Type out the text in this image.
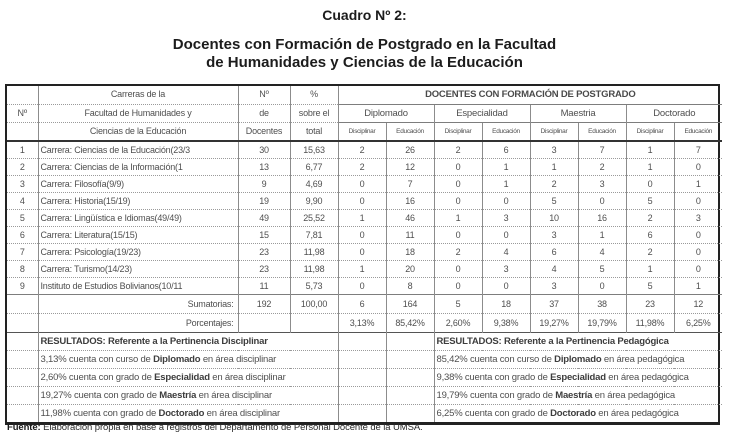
Cuadro Nº 2:
Docentes con Formación de Postgrado en la Facultad
de Humanidades y Ciencias de la Educación
	Carreras de la	Nº	%	DOCENTES CON FORMACIÓN DE POSTGRADO							
Nº	Facultad de Humanidades y	de	sobre el	Diplomado		Especialidad		Maestria		Doctorado	
	Ciencias de la Educación	Docentes	total	Disciplinar	Educación	Disciplinar	Educación	Disciplinar	Educación	Disciplinar	Educación
1	Carrera: Ciencias de la Educación(23/3	30	15,63	2	26	2	6	3	7	1	7
2	Carrera: Ciencias de la Información(1	13	6,77	2	12	0	1	1	2	1	0
3	Carrera: Filosofía(9/9)	9	4,69	0	7	0	1	2	3	0	1
4	Carrera: Historia(15/19)	19	9,90	0	16	0	0	5	0	5	0
5	Carrera: Lingüística e Idiomas(49/49)	49	25,52	1	46	1	3	10	16	2	3
6	Carrera: Literatura(15/15)	15	7,81	0	11	0	0	3	1	6	0
7	Carrera: Psicología(19/23)	23	11,98	0	18	2	4	6	4	2	0
8	Carrera: Turismo(14/23)	23	11,98	1	20	0	3	4	5	1	0
9	Instituto de Estudios Bolivianos(10/11	11	5,73	0	8	0	0	3	0	5	1
	Sumatorias:	192	100,00	6	164	5	18	37	38	23	12
	Porcentajes:			3,13%	85,42%	2,60%	9,38%	19,27%	19,79%	11,98%	6,25%
	RESULTADOS: Referente a la Pertinencia Disciplinar					RESULTADOS: Referente a la Pertinencia Pedagógica					
	3,13% cuenta con curso de Diplomado en área disciplinar					85,42% cuenta con curso de Diplomado en área pedagógica					
	2,60% cuenta con grado de Especialidad en área disciplinar					9,38% cuenta con grado de Especialidad en área pedagógica					
	19,27% cuenta con grado de Maestría en área disciplinar					19,79% cuenta con grado de Maestría en área pedagógica					
	11,98% cuenta con grado de Doctorado en área disciplinar					6,25% cuenta con grado de Doctorado en área pedagógica					
Fuente: Elaboración propia en base a registros del Departamento de Personal Docente de la UMSA.
